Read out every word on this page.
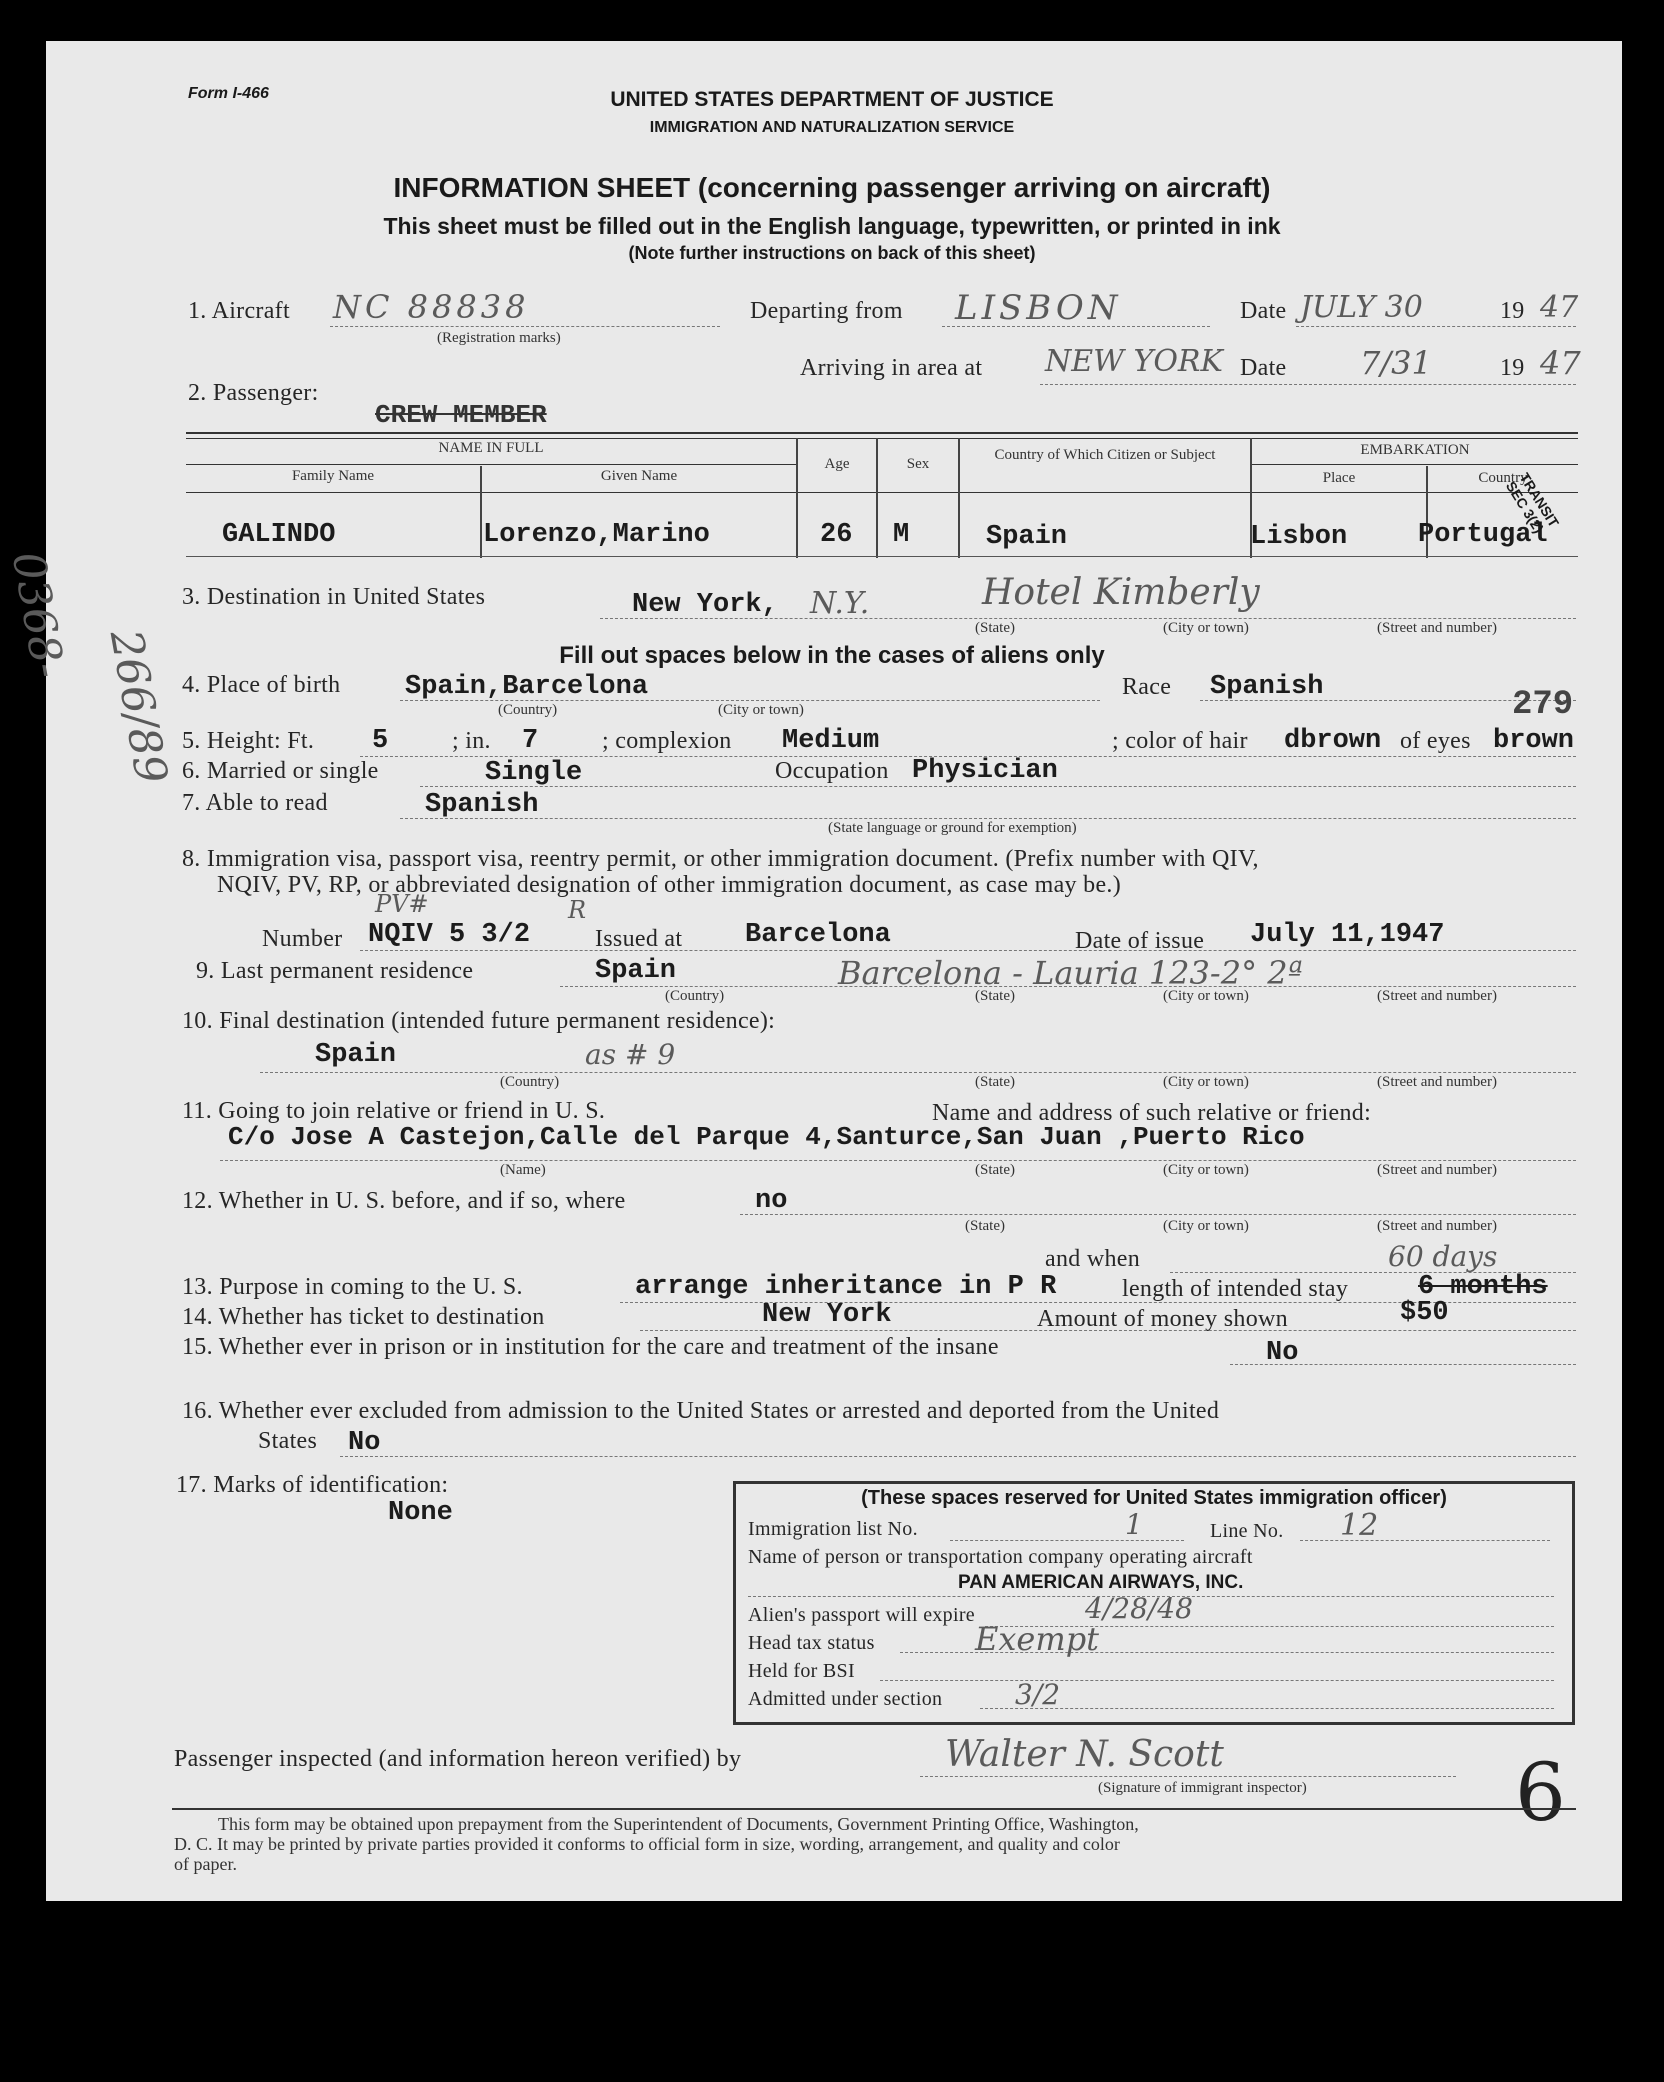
0368-
266/89
Form I-466	UNITED STATES DEPARTMENT OF JUSTICE
IMMIGRATION AND NATURALIZATION SERVICE
INFORMATION SHEET (concerning passenger arriving on aircraft)
This sheet must be filled out in the English language, typewritten, or printed in ink
(Note further instructions on back of this sheet)
1. Aircraft NC 88838
(Registration marks)
Departing from LISBON	Date JULY 30	19 47
Arriving in area at NEW YORK Date 7/31	19 47
2. Passenger:
CREW MEMBER
NAME IN FULL
Family Name	Given Name
Age	Sex
Country of Which Citizen or Subject	EMBARKATION
Place	Country
GALINDO	Lorenzo,Marino	26 M	Spain	Lisbon	Portugal
TRANSIT SEC 3(2)
3. Destination in United States	New York, N.Y.	Hotel Kimberly
(State)	(City or town)	(Street and number)
Fill out spaces below in the cases of aliens only
4. Place of birth Spain,Barcelona
(Country)	(City or town)
Race Spanish	279
5. Height: Ft. 5	; in. 7	; complexion Medium	; color of hair dbrown of eyes brown
6. Married or single	Single	Occupation Physician
7. Able to read	Spanish
(State language or ground for exemption)
8. Immigration visa, passport visa, reentry permit, or other immigration document. (Prefix number with QIV,
NQIV, PV, RP, or abbreviated designation of other immigration document, as case may be.)
PV#	R
Number NQIV 5 3/2	Issued at Barcelona	Date of issue July 11,1947
9. Last permanent residence	Spain	Barcelona - Lauria 123-2° 2ª
(Country)	(State)	(City or town)	(Street and number)
10. Final destination (intended future permanent residence):
Spain	as # 9
(Country)	(State)	(City or town)	(Street and number)
11. Going to join relative or friend in U. S.	Name and address of such relative or friend:
C/o Jose A Castejon,Calle del Parque 4,Santurce,San Juan ,Puerto Rico
(Name)	(State)	(City or town)	(Street and number)
12. Whether in U. S. before, and if so, where	no
(State)	(City or town)	(Street and number)
and when	60 days
13. Purpose in coming to the U. S.	arrange inheritance in P R	length of intended stay	6 months
14. Whether has ticket to destination	New York	Amount of money shown	$50
15. Whether ever in prison or in institution for the care and treatment of the insane	No
16. Whether ever excluded from admission to the United States or arrested and deported from the United
States No
17. Marks of identification:
None	(These spaces reserved for United States immigration officer)
Immigration list No.	1	Line No. 12
Name of person or transportation company operating aircraft
PAN AMERICAN AIRWAYS, INC.
Alien's passport will expire	4/28/48
Head tax status	Exempt
Held for BSI
Admitted under section	3/2
Passenger inspected (and information hereon verified) by	Walter N. Scott
(Signature of immigrant inspector)	6
This form may be obtained upon prepayment from the Superintendent of Documents, Government Printing Office, Washington,
D. C. It may be printed by private parties provided it conforms to official form in size, wording, arrangement, and quality and color
of paper.
